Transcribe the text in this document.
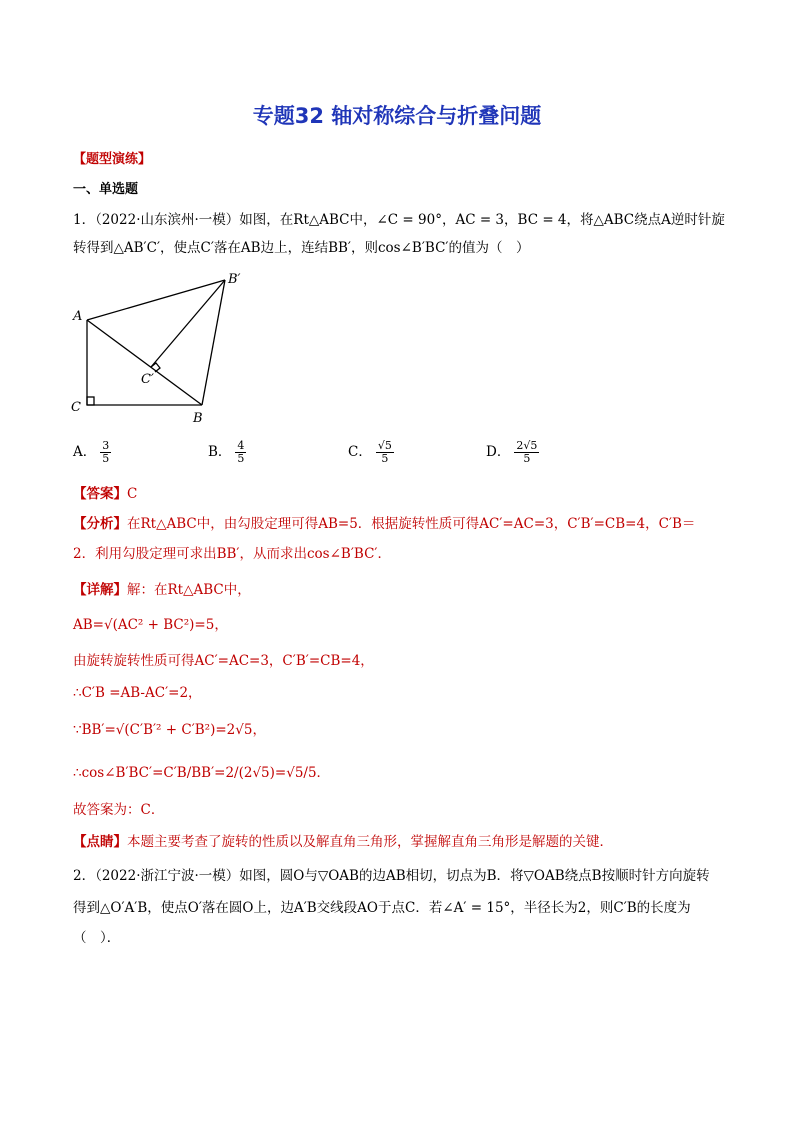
专题32 轴对称综合与折叠问题
【题型演练】
一、单选题
1．（2022·山东滨州·一模）如图，在Rt△ABC中，∠C = 90°，AC = 3，BC = 4，将△ABC绕点A逆时针旋
转得到△AB′C′，使点C′落在AB边上，连结BB′，则cos∠B′BC′的值为（　）
A
C
B
B′
C′
A． $\frac{3}{5}$	B． $\frac{4}{5}$	C． $\frac{√5}{5}$	D． $\frac{2√5}{5}$
【答案】C
【分析】在Rt△ABC中，由勾股定理可得AB=5．根据旋转性质可得AC′=AC=3，C′B′=CB=4，C′B＝
2．利用勾股定理可求出BB′，从而求出cos∠B′BC′．
【详解】解：在Rt△ABC中，
AB=√(AC² + BC²)=5，
由旋转旋转性质可得AC′=AC=3，C′B′=CB=4，
∴C′B =AB-AC′=2，
∵BB′=√(C′B′² + C′B²)=2√5，
∴cos∠B′BC′=C′B/BB′=2/(2√5)=√5/5．
故答案为：C．
【点睛】本题主要考查了旋转的性质以及解直角三角形，掌握解直角三角形是解题的关键．
2．（2022·浙江宁波·一模）如图，圆O与▽OAB的边AB相切，切点为B．将▽OAB绕点B按顺时针方向旋转
得到△O′A′B，使点O′落在圆O上，边A′B交线段AO于点C．若∠A′ = 15°，半径长为2，则C′B的长度为
（　）．
